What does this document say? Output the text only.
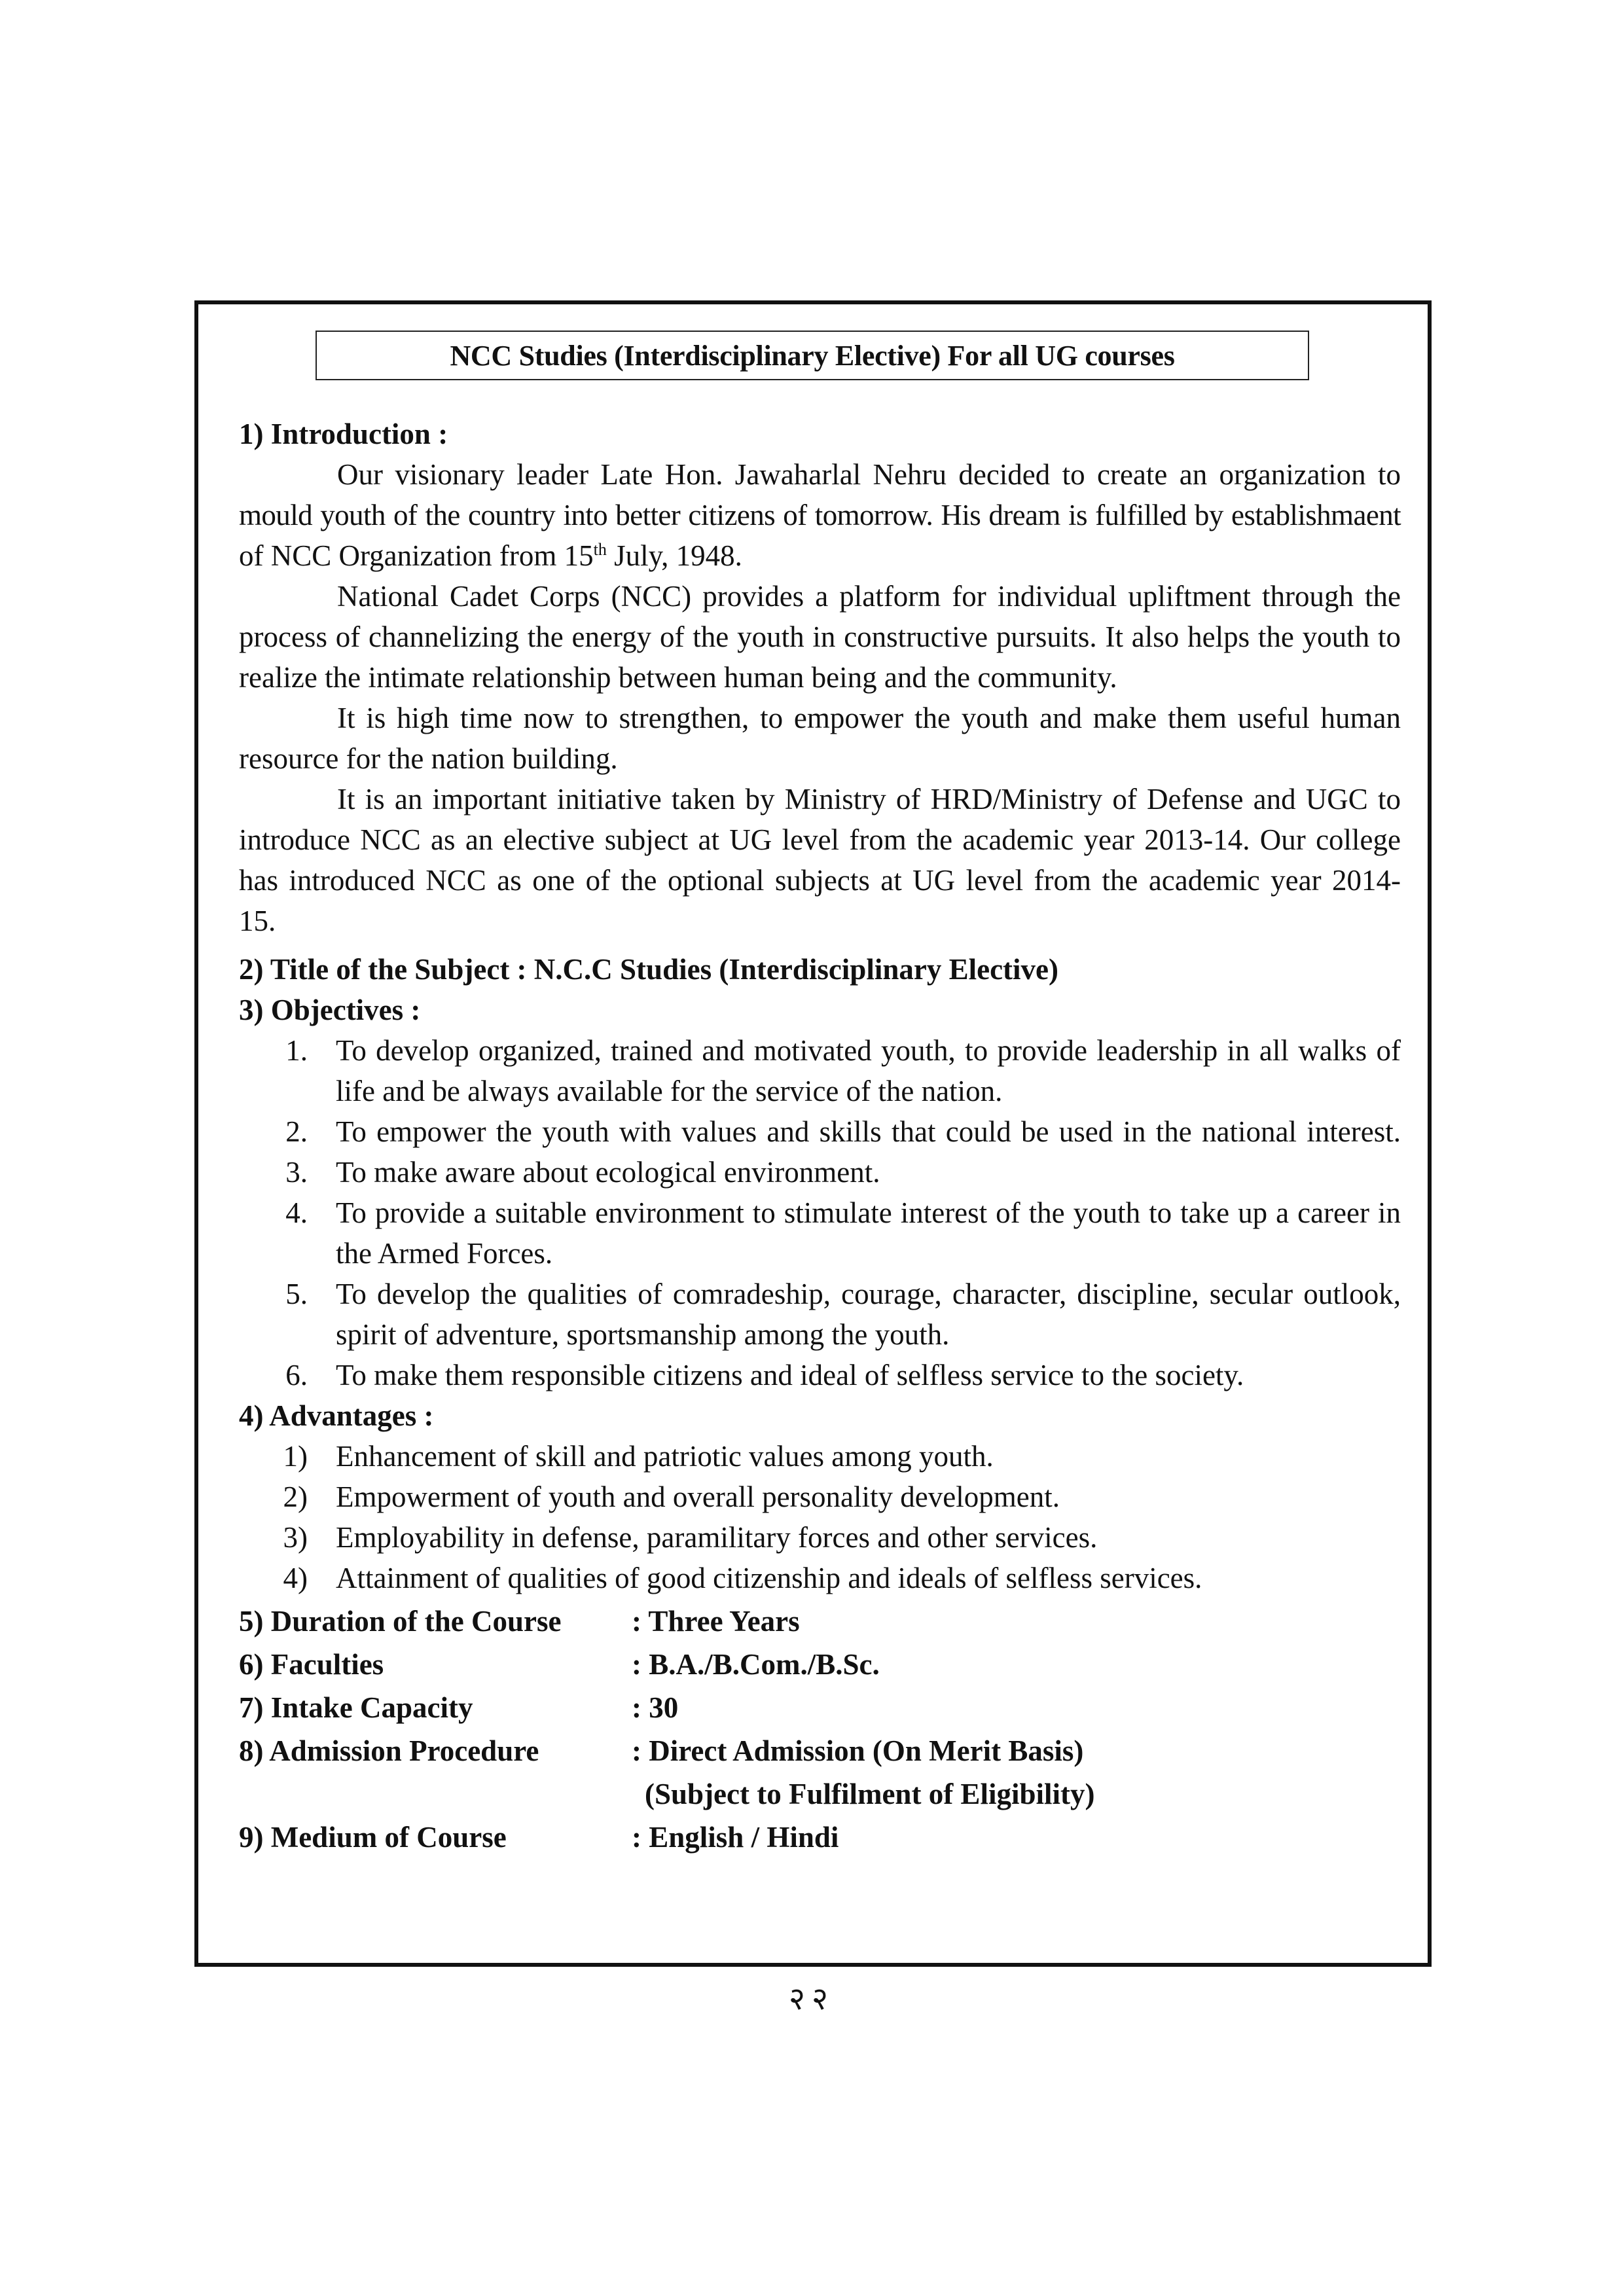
NCC Studies (Interdisciplinary Elective) For all UG courses
1) Introduction :
Our visionary leader Late Hon. Jawaharlal Nehru decided to create an organization to
mould youth of the country into better citizens of tomorrow. His dream is fulfilled by establishmaent
of NCC Organization from 15th July, 1948.
National Cadet Corps (NCC) provides a platform for individual upliftment through the
process of channelizing the energy of the youth in constructive pursuits. It also helps the youth to
realize the intimate relationship between human being and the community.
It is high time now to strengthen, to empower the youth and make them useful human
resource for the nation building.
It is an important initiative taken by Ministry of HRD/Ministry of Defense and UGC to
introduce NCC as an elective subject at UG level from the academic year 2013-14. Our college
has introduced NCC as one of the optional subjects at UG level from the academic year 2014-
15.
2) Title of the Subject : N.C.C Studies (Interdisciplinary Elective)
3) Objectives :
1. To develop organized, trained and motivated youth, to provide leadership in all walks of
life and be always available for the service of the nation.
2. To empower the youth with values and skills that could be used in the national interest.
3. To make aware about ecological environment.
4. To provide a suitable environment to stimulate interest of the youth to take up a career in
the Armed Forces.
5. To develop the qualities of comradeship, courage, character, discipline, secular outlook,
spirit of adventure, sportsmanship among the youth.
6. To make them responsible citizens and ideal of selfless service to the society.
4) Advantages :
1) Enhancement of skill and patriotic values among youth.
2) Empowerment of youth and overall personality development.
3) Employability in defense, paramilitary forces and other services.
4) Attainment of qualities of good citizenship and ideals of selfless services.
5) Duration of the Course : Three Years
6) Faculties	: B.A./B.Com./B.Sc.
7) Intake Capacity	: 30
8) Admission Procedure	: Direct Admission (On Merit Basis)
(Subject to Fulfilment of Eligibility)
9) Medium of Course	: English / Hindi
२२
